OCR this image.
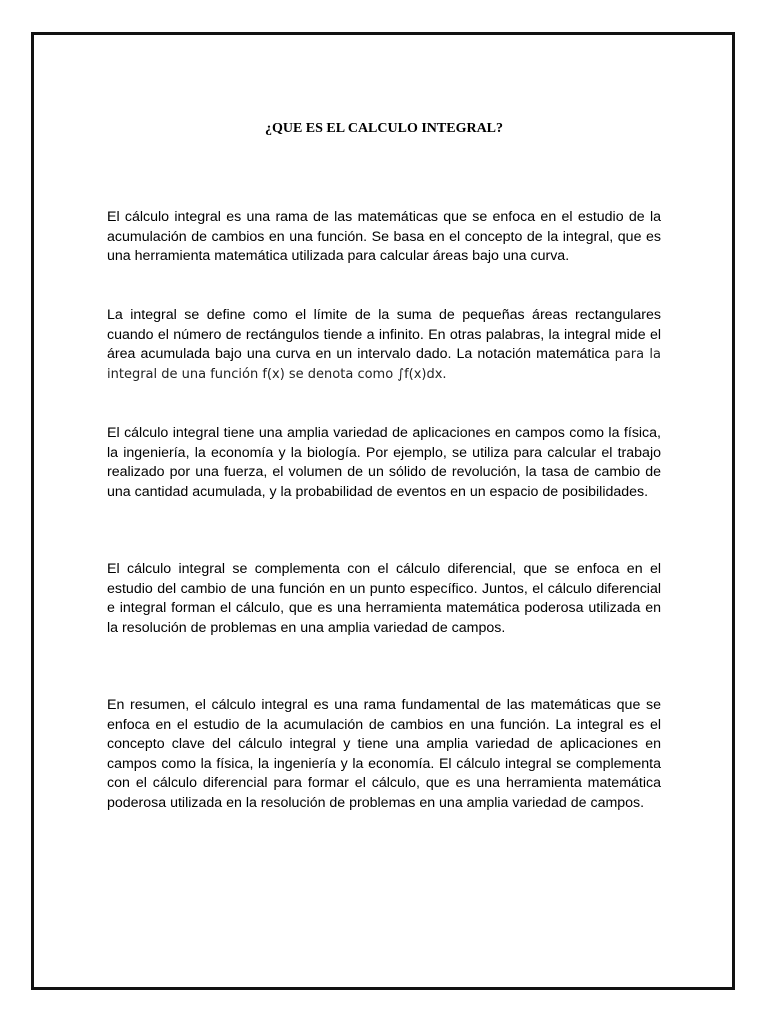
¿QUE ES EL CALCULO INTEGRAL?

El cálculo integral es una rama de las matemáticas que se enfoca en el estudio de la acumulación de cambios en una función. Se basa en el concepto de la integral, que es una herramienta matemática utilizada para calcular áreas bajo una curva.

La integral se define como el límite de la suma de pequeñas áreas rectangulares cuando el número de rectángulos tiende a infinito. En otras palabras, la integral mide el área acumulada bajo una curva en un intervalo dado. La notación matemática para la integral de una función f(x) se denota como ∫f(x)dx.

El cálculo integral tiene una amplia variedad de aplicaciones en campos como la física, la ingeniería, la economía y la biología. Por ejemplo, se utiliza para calcular el trabajo realizado por una fuerza, el volumen de un sólido de revolución, la tasa de cambio de una cantidad acumulada, y la probabilidad de eventos en un espacio de posibilidades.

El cálculo integral se complementa con el cálculo diferencial, que se enfoca en el estudio del cambio de una función en un punto específico. Juntos, el cálculo diferencial e integral forman el cálculo, que es una herramienta matemática poderosa utilizada en la resolución de problemas en una amplia variedad de campos.

En resumen, el cálculo integral es una rama fundamental de las matemáticas que se enfoca en el estudio de la acumulación de cambios en una función. La integral es el concepto clave del cálculo integral y tiene una amplia variedad de aplicaciones en campos como la física, la ingeniería y la economía. El cálculo integral se complementa con el cálculo diferencial para formar el cálculo, que es una herramienta matemática poderosa utilizada en la resolución de problemas en una amplia variedad de campos.
